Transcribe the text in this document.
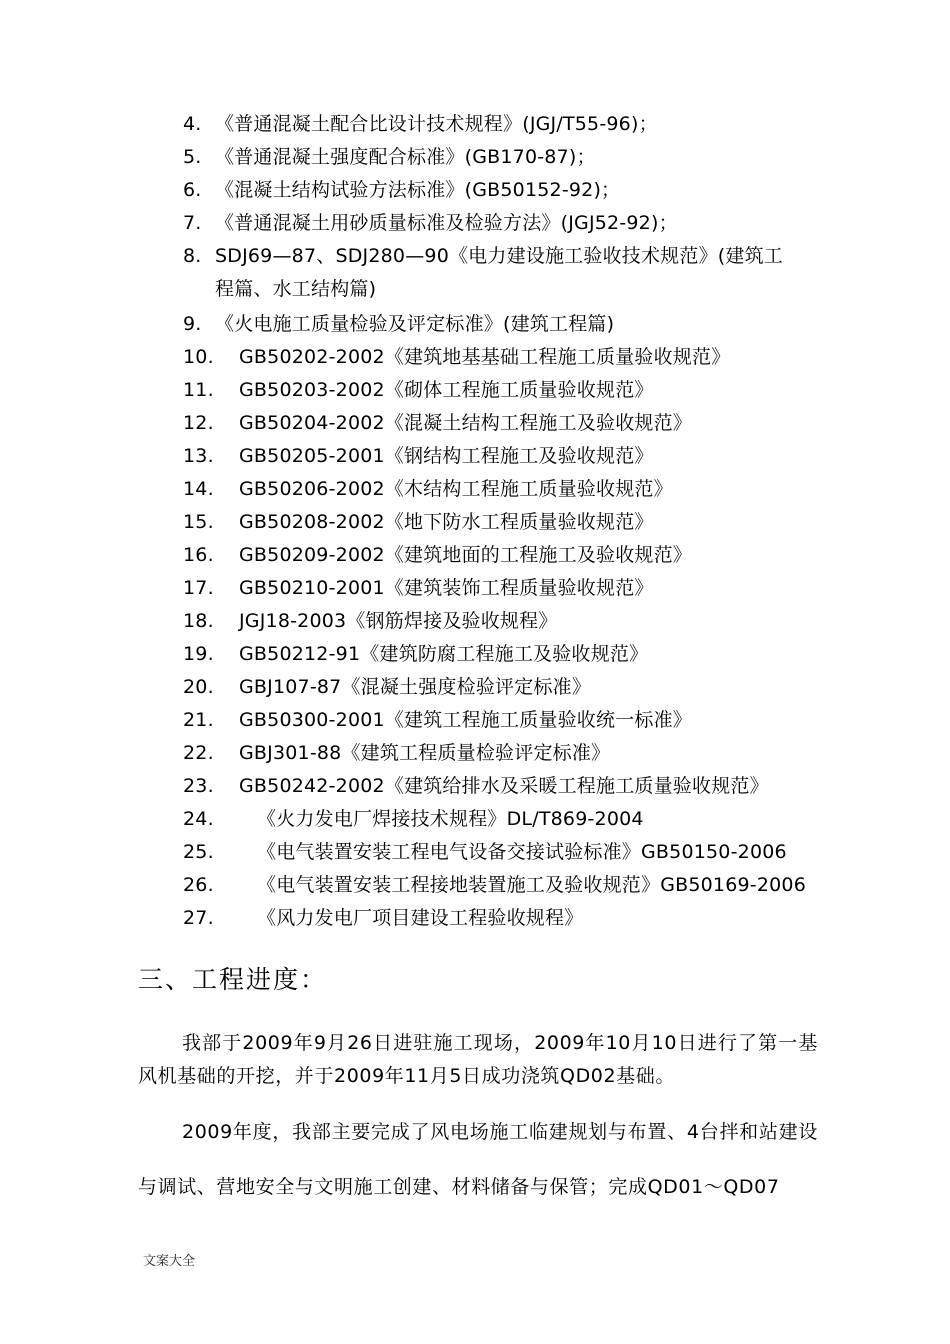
4. 《普通混凝土配合比设计技术规程》(JGJ/T55-96)；
5. 《普通混凝土强度配合标准》(GB170-87)；
6. 《混凝土结构试验方法标准》(GB50152-92)；
7. 《普通混凝土用砂质量标准及检验方法》(JGJ52-92)；
8. SDJ69—87、SDJ280—90《电力建设施工验收技术规范》(建筑工
程篇、水工结构篇)
9. 《火电施工质量检验及评定标准》(建筑工程篇)
10. GB50202-2002《建筑地基基础工程施工质量验收规范》
11. GB50203-2002《砌体工程施工质量验收规范》
12. GB50204-2002《混凝土结构工程施工及验收规范》
13. GB50205-2001《钢结构工程施工及验收规范》
14. GB50206-2002《木结构工程施工质量验收规范》
15. GB50208-2002《地下防水工程质量验收规范》
16. GB50209-2002《建筑地面的工程施工及验收规范》
17. GB50210-2001《建筑装饰工程质量验收规范》
18. JGJ18-2003《钢筋焊接及验收规程》
19. GB50212-91《建筑防腐工程施工及验收规范》
20. GBJ107-87《混凝土强度检验评定标准》
21. GB50300-2001《建筑工程施工质量验收统一标准》
22. GBJ301-88《建筑工程质量检验评定标准》
23. GB50242-2002《建筑给排水及采暖工程施工质量验收规范》
24. 《火力发电厂焊接技术规程》DL/T869-2004
25. 《电气装置安装工程电气设备交接试验标准》GB50150-2006
26. 《电气装置安装工程接地装置施工及验收规范》GB50169-2006
27. 《风力发电厂项目建设工程验收规程》
三、工程进度：

我部于2009年9月26日进驻施工现场，2009年10月10日进行了第一基风机基础的开挖，并于2009年11月5日成功浇筑QD02基础。

2009年度，我部主要完成了风电场施工临建规划与布置、4台拌和站建设与调试、营地安全与文明施工创建、材料储备与保管；完成QD01～QD07

文案大全
